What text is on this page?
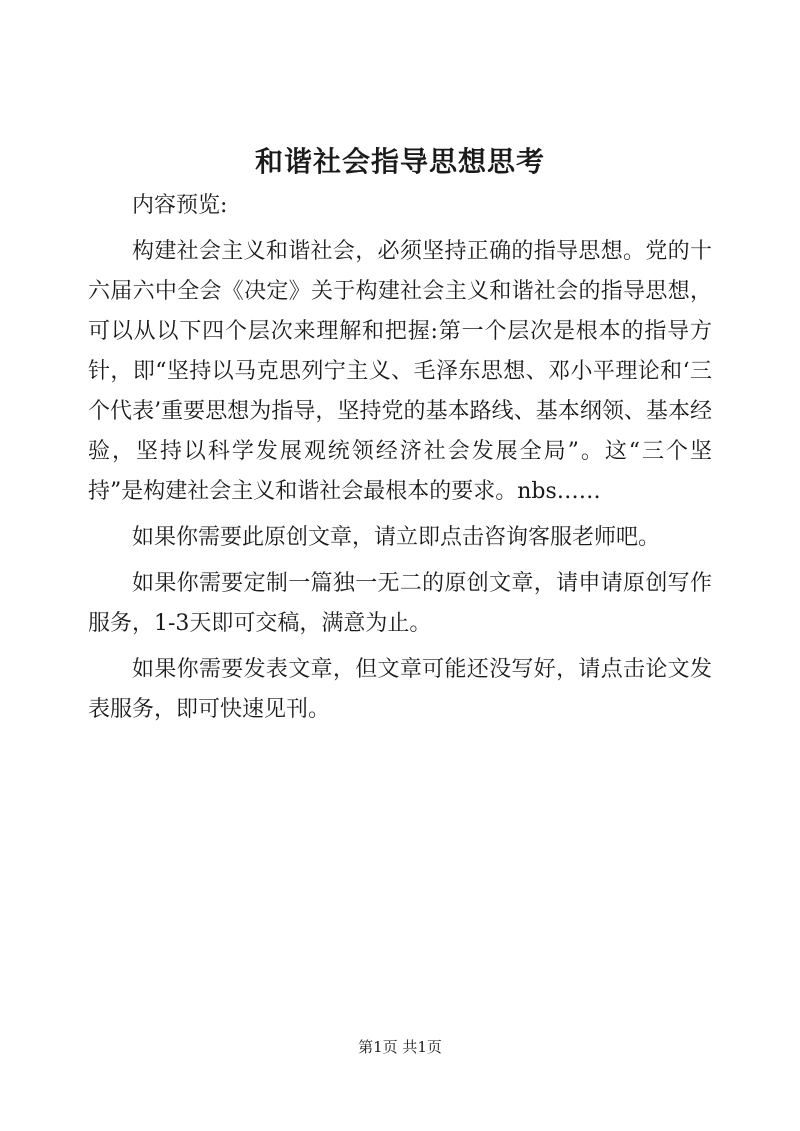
和谐社会指导思想思考

内容预览:

构建社会主义和谐社会，必须坚持正确的指导思想。党的十六届六中全会《决定》关于构建社会主义和谐社会的指导思想，可以从以下四个层次来理解和把握:第一个层次是根本的指导方针，即“坚持以马克思列宁主义、毛泽东思想、邓小平理论和‘三个代表’重要思想为指导，坚持党的基本路线、基本纲领、基本经验，坚持以科学发展观统领经济社会发展全局”。这“三个坚持”是构建社会主义和谐社会最根本的要求。nbs……

如果你需要此原创文章，请立即点击咨询客服老师吧。

如果你需要定制一篇独一无二的原创文章，请申请原创写作服务，1-3天即可交稿，满意为止。

如果你需要发表文章，但文章可能还没写好，请点击论文发表服务，即可快速见刊。

第1页 共1页
